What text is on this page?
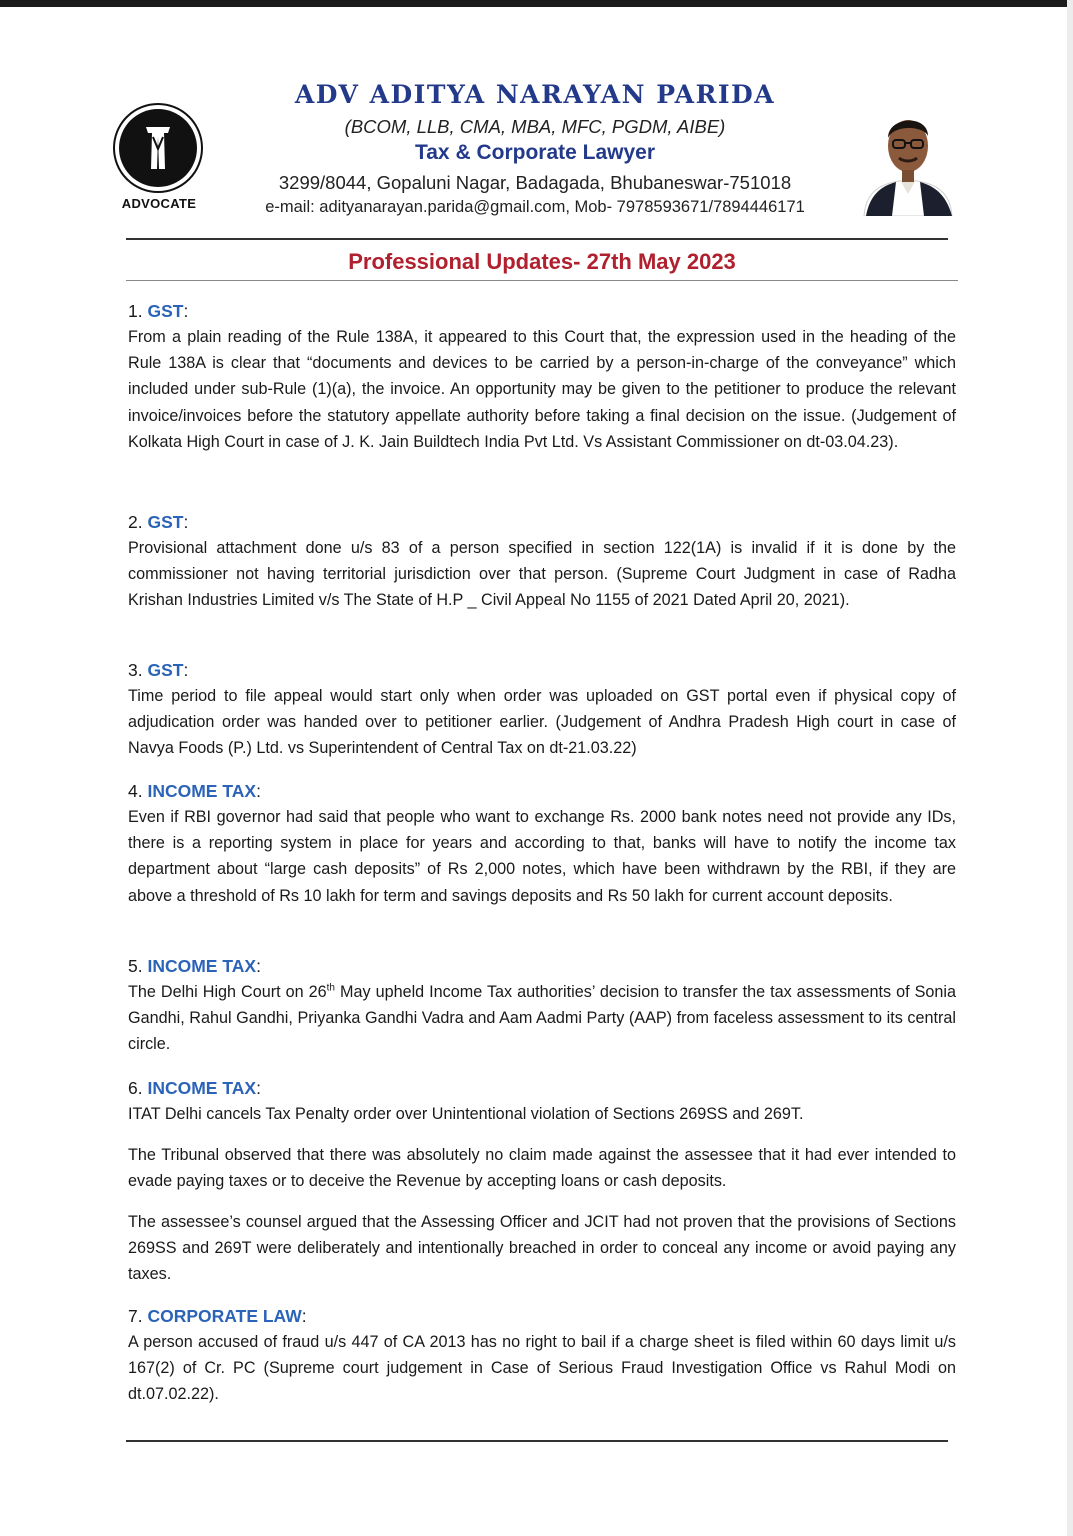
ADVOCATE
ADV ADITYA NARAYAN PARIDA
(BCOM, LLB, CMA, MBA, MFC, PGDM, AIBE)
Tax & Corporate Lawyer
3299/8044, Gopaluni Nagar, Badagada, Bhubaneswar-751018
e-mail: adityanarayan.parida@gmail.com, Mob- 7978593671/7894446171
Professional Updates- 27th May 2023
1. GST:

From a plain reading of the Rule 138A, it appeared to this Court that, the expression used in the heading of the Rule 138A is clear that “documents and devices to be carried by a person-in-charge of the conveyance” which included under sub-Rule (1)(a), the invoice. An opportunity may be given to the petitioner to produce the relevant invoice/invoices before the statutory appellate authority before taking a final decision on the issue. (Judgement of Kolkata High Court in case of J. K. Jain Buildtech India Pvt Ltd. Vs Assistant Commissioner on dt-03.04.23).

2. GST:

Provisional attachment done u/s 83 of a person specified in section 122(1A) is invalid if it is done by the commissioner not having territorial jurisdiction over that person. (Supreme Court Judgment in case of Radha Krishan Industries Limited v/s The State of H.P _ Civil Appeal No 1155 of 2021 Dated April 20, 2021).

3. GST:

Time period to file appeal would start only when order was uploaded on GST portal even if physical copy of adjudication order was handed over to petitioner earlier. (Judgement of Andhra Pradesh High court in case of Navya Foods (P.) Ltd. vs Superintendent of Central Tax on dt-21.03.22)

4. INCOME TAX:

Even if RBI governor had said that people who want to exchange Rs. 2000 bank notes need not provide any IDs, there is a reporting system in place for years and according to that, banks will have to notify the income tax department about “large cash deposits” of Rs 2,000 notes, which have been withdrawn by the RBI, if they are above a threshold of Rs 10 lakh for term and savings deposits and Rs 50 lakh for current account deposits.

5. INCOME TAX:

The Delhi High Court on 26th May upheld Income Tax authorities’ decision to transfer the tax assessments of Sonia Gandhi, Rahul Gandhi, Priyanka Gandhi Vadra and Aam Aadmi Party (AAP) from faceless assessment to its central circle.

6. INCOME TAX:

ITAT Delhi cancels Tax Penalty order over Unintentional violation of Sections 269SS and 269T.

The Tribunal observed that there was absolutely no claim made against the assessee that it had ever intended to evade paying taxes or to deceive the Revenue by accepting loans or cash deposits.

The assessee’s counsel argued that the Assessing Officer and JCIT had not proven that the provisions of Sections 269SS and 269T were deliberately and intentionally breached in order to conceal any income or avoid paying any taxes.

7. CORPORATE LAW:

A person accused of fraud u/s 447 of CA 2013 has no right to bail if a charge sheet is filed within 60 days limit u/s 167(2) of Cr. PC (Supreme court judgement in Case of Serious Fraud Investigation Office vs Rahul Modi on dt.07.02.22).
